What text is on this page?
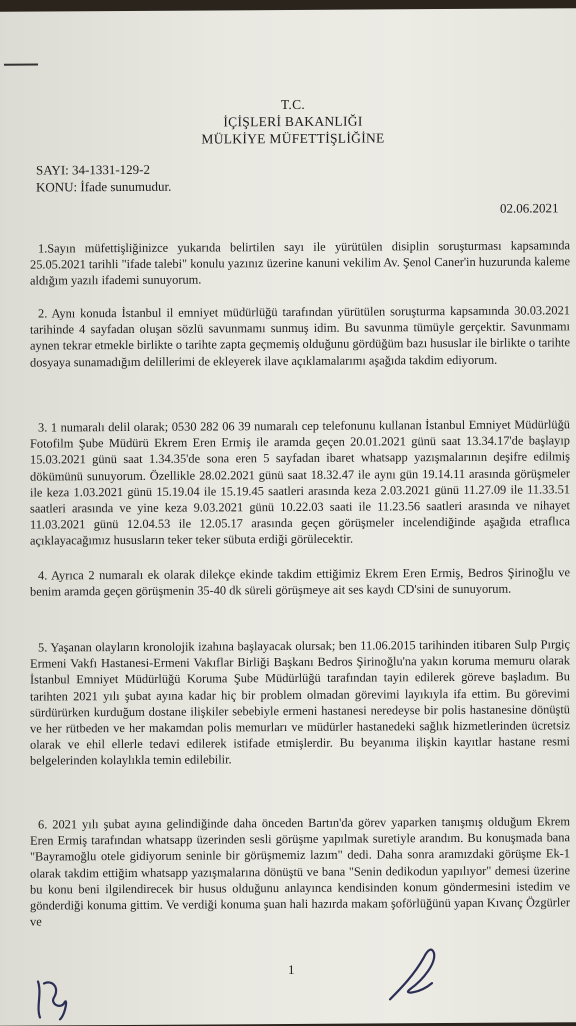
T.C.
İÇİŞLERİ BAKANLIĞI
MÜLKİYE MÜFETTİŞLİĞİNE
SAYI: 34-1331-129-2
KONU: İfade sunumudur.
02.06.2021
1.Sayın müfettişliğinizce yukarıda belirtilen sayı ile yürütülen disiplin soruşturması kapsamında 25.05.2021 tarihli "ifade talebi" konulu yazınız üzerine kanuni vekilim Av. Şenol Caner'in huzurunda kaleme aldığım yazılı ifademi sunuyorum.
2. Aynı konuda İstanbul il emniyet müdürlüğü tarafından yürütülen soruşturma kapsamında 30.03.2021 tarihinde 4 sayfadan oluşan sözlü savunmamı sunmuş idim. Bu savunma tümüyle gerçektir. Savunmamı aynen tekrar etmekle birlikte o tarihte zapta geçmemiş olduğunu gördüğüm bazı hususlar ile birlikte o tarihte dosyaya sunamadığım delillerimi de ekleyerek ilave açıklamalarımı aşağıda takdim ediyorum.
3. 1 numaralı delil olarak; 0530 282 06 39 numaralı cep telefonunu kullanan İstanbul Emniyet Müdürlüğü Fotofilm Şube Müdürü Ekrem Eren Ermiş ile aramda geçen 20.01.2021 günü saat 13.34.17'de başlayıp 15.03.2021 günü saat 1.34.35'de sona eren 5 sayfadan ibaret whatsapp yazışmalarının deşifre edilmiş dökümünü sunuyorum. Özellikle 28.02.2021 günü saat 18.32.47 ile aynı gün 19.14.11 arasında görüşmeler ile keza 1.03.2021 günü 15.19.04 ile 15.19.45 saatleri arasında keza 2.03.2021 günü 11.27.09 ile 11.33.51 saatleri arasında ve yine keza 9.03.2021 günü 10.22.03 saati ile 11.23.56 saatleri arasında ve nihayet 11.03.2021 günü 12.04.53 ile 12.05.17 arasında geçen görüşmeler incelendiğinde aşağıda etraflıca açıklayacağımız hususların teker teker sübuta erdiği görülecektir.
4. Ayrıca 2 numaralı ek olarak dilekçe ekinde takdim ettiğimiz Ekrem Eren Ermiş, Bedros Şirinoğlu ve benim aramda geçen görüşmenin 35-40 dk süreli görüşmeye ait ses kaydı CD'sini de sunuyorum.
5. Yaşanan olayların kronolojik izahına başlayacak olursak; ben 11.06.2015 tarihinden itibaren Sulp Pırgiç Ermeni Vakfı Hastanesi-Ermeni Vakıflar Birliği Başkanı Bedros Şirinoğlu'na yakın koruma memuru olarak İstanbul Emniyet Müdürlüğü Koruma Şube Müdürlüğü tarafından tayin edilerek göreve başladım. Bu tarihten 2021 yılı şubat ayına kadar hiç bir problem olmadan görevimi layıkıyla ifa ettim. Bu görevimi sürdürürken kurduğum dostane ilişkiler sebebiyle ermeni hastanesi neredeyse bir polis hastanesine dönüştü ve her rütbeden ve her makamdan polis memurları ve müdürler hastanedeki sağlık hizmetlerinden ücretsiz olarak ve ehil ellerle tedavi edilerek istifade etmişlerdir. Bu beyanıma ilişkin kayıtlar hastane resmi belgelerinden kolaylıkla temin edilebilir.
6. 2021 yılı şubat ayına gelindiğinde daha önceden Bartın'da görev yaparken tanışmış olduğum Ekrem Eren Ermiş tarafından whatsapp üzerinden sesli görüşme yapılmak suretiyle arandım. Bu konuşmada bana "Bayramoğlu otele gidiyorum seninle bir görüşmemiz lazım" dedi. Daha sonra aramızdaki görüşme Ek-1 olarak takdim ettiğim whatsapp yazışmalarına dönüştü ve bana "Senin dedikodun yapılıyor" demesi üzerine bu konu beni ilgilendirecek bir husus olduğunu anlayınca kendisinden konum göndermesini istedim ve gönderdiği konuma gittim. Ve verdiği konuma şuan hali hazırda makam şoförlüğünü yapan Kıvanç Özgürler ve
1
